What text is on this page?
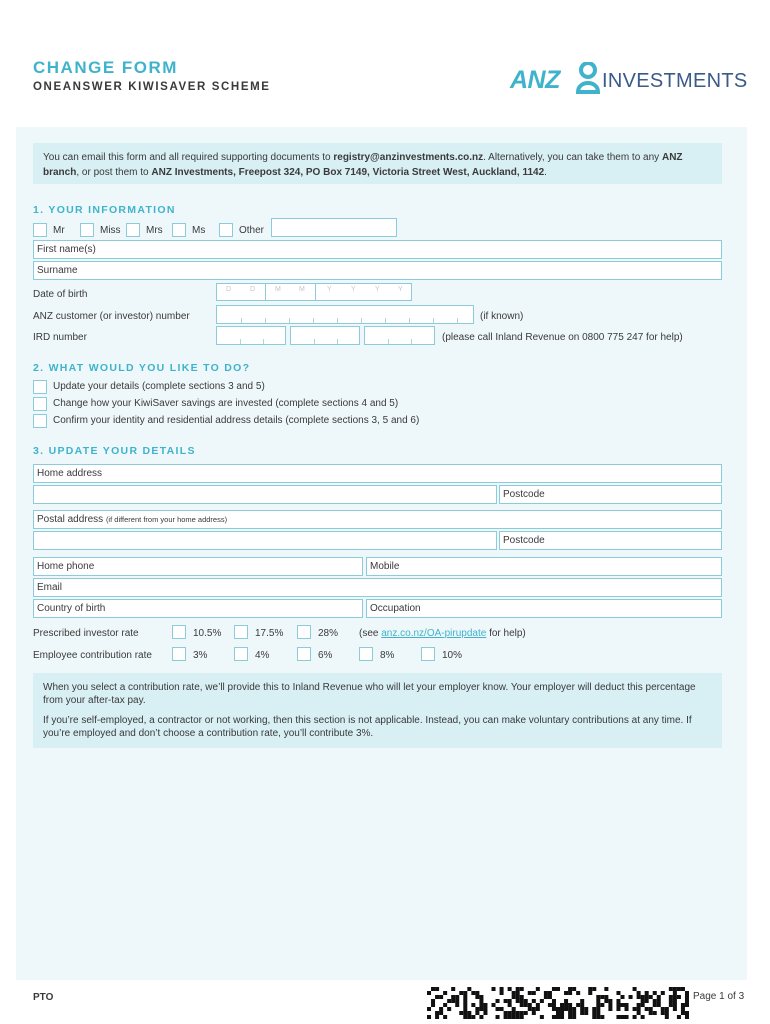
CHANGE FORM
ONEANSWER KIWISAVER SCHEME	ANZ INVESTMENTS
You can email this form and all required supporting documents to registry@anzinvestments.co.nz. Alternatively, you can take them to any ANZ branch, or post them to ANZ Investments, Freepost 324, PO Box 7149, Victoria Street West, Auckland, 1142.
1. YOUR INFORMATION
Mr	Miss	Mrs	Ms	Other
First name(s)
Surname
Date of birth	D	D	M	M	Y	Y	Y	Y
ANZ customer (or investor) number	(if known)
IRD number	(please call Inland Revenue on 0800 775 247 for help)
2. WHAT WOULD YOU LIKE TO DO?
Update your details (complete sections 3 and 5)
Change how your KiwiSaver savings are invested (complete sections 4 and 5)
Confirm your identity and residential address details (complete sections 3, 5 and 6)
3. UPDATE YOUR DETAILS
Home address
Postcode
Postal address (if different from your home address)
Postcode
Home phone	Mobile
Email
Country of birth	Occupation
Prescribed investor rate	10.5%	17.5%	28% (see anz.co.nz/OA-pirupdate for help)
Employee contribution rate	3%	4%	6%	8%	10%

When you select a contribution rate, we’ll provide this to Inland Revenue who will let your employer know. Your employer will deduct this percentage from your after-tax pay.

If you’re self-employed, a contractor or not working, then this section is not applicable. Instead, you can make voluntary contributions at any time. If you’re employed and don’t choose a contribution rate, you’ll contribute 3%.

PTO	Page 1 of 3
